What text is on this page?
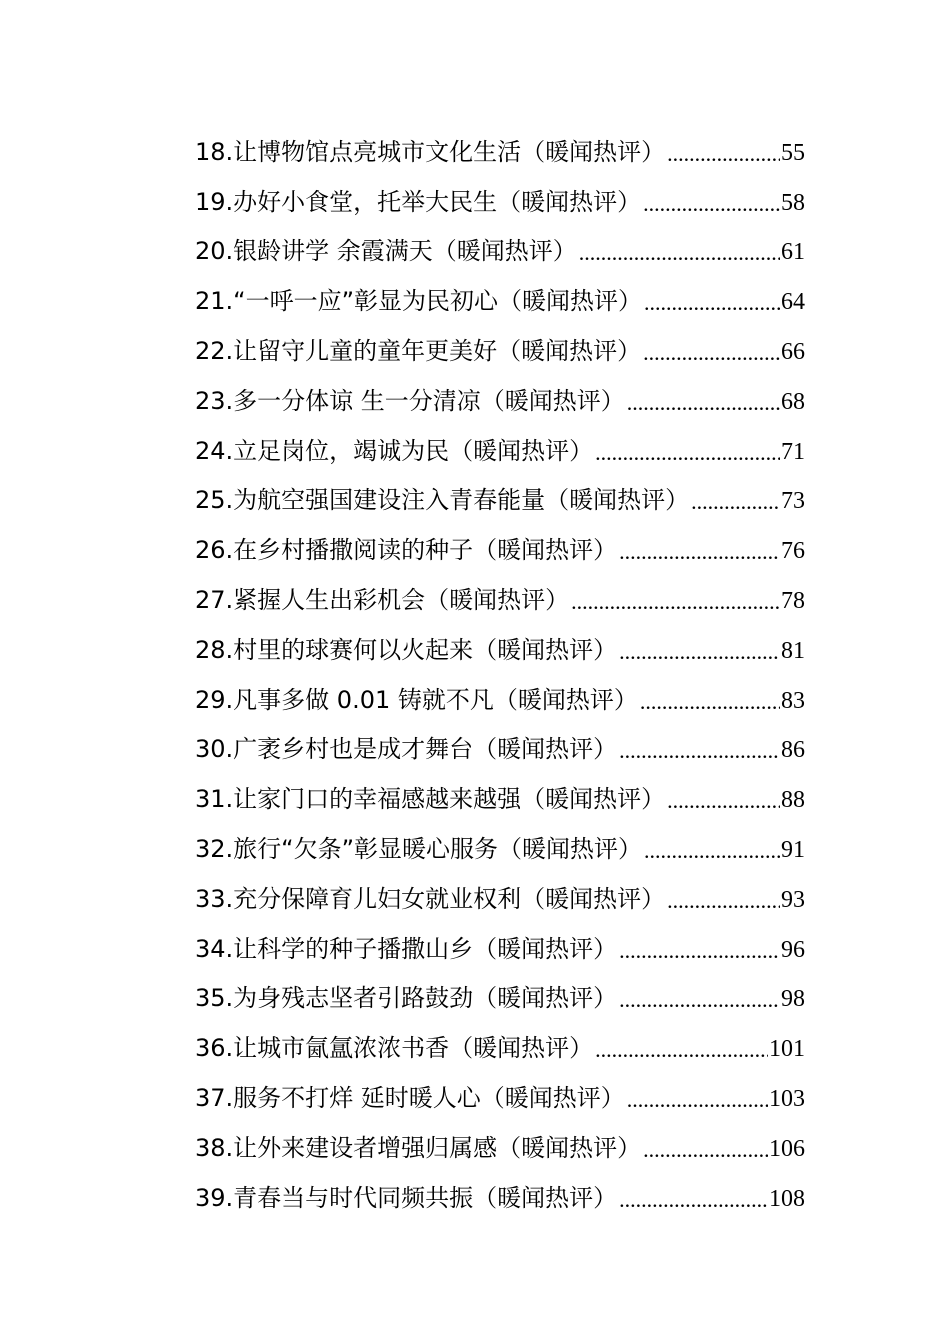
18.让博物馆点亮城市文化生活（暖闻热评） .....	55
19.办好小食堂，托举大民生（暖闻热评） .....	58
20.银龄讲学 余霞满天（暖闻热评） .....	61
21.“一呼一应”彰显为民初心（暖闻热评） .....	64
22.让留守儿童的童年更美好（暖闻热评） .....	66
23.多一分体谅 生一分清凉（暖闻热评） .....	68
24.立足岗位，竭诚为民（暖闻热评） .....	71
25.为航空强国建设注入青春能量（暖闻热评） .....	73
26.在乡村播撒阅读的种子（暖闻热评） .....	76
27.紧握人生出彩机会（暖闻热评） .....	78
28.村里的球赛何以火起来（暖闻热评） .....	81
29.凡事多做 0.01 铸就不凡（暖闻热评） .....	83
30.广袤乡村也是成才舞台（暖闻热评） .....	86
31.让家门口的幸福感越来越强（暖闻热评） .....	88
32.旅行“欠条”彰显暖心服务（暖闻热评） .....	91
33.充分保障育儿妇女就业权利（暖闻热评） .....	93
34.让科学的种子播撒山乡（暖闻热评） .....	96
35.为身残志坚者引路鼓劲（暖闻热评） .....	98
36.让城市氤氲浓浓书香（暖闻热评） .....	101
37.服务不打烊 延时暖人心（暖闻热评） .....	103
38.让外来建设者增强归属感（暖闻热评） .....	106
39.青春当与时代同频共振（暖闻热评） .....	108
